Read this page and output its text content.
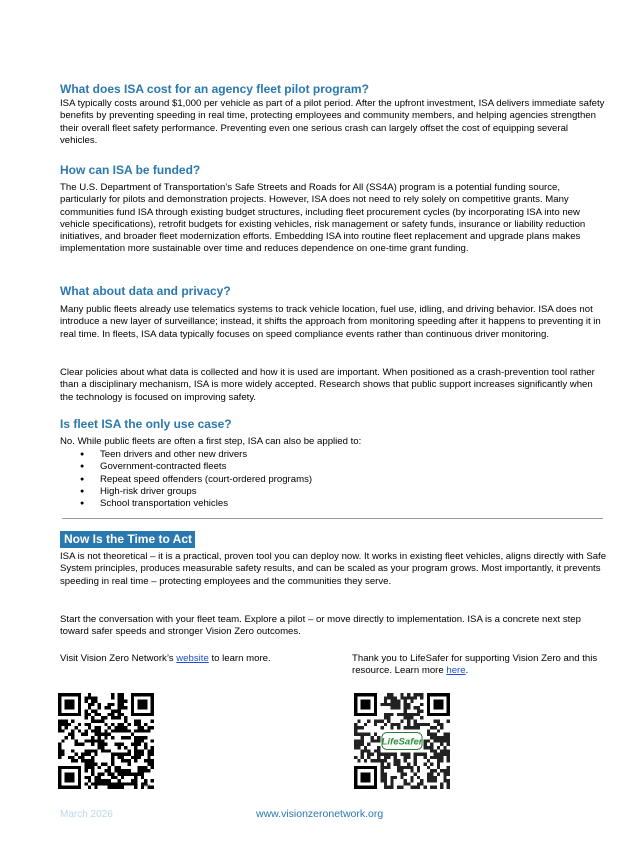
What does ISA cost for an agency fleet pilot program?

ISA typically costs around $1,000 per vehicle as part of a pilot period. After the upfront investment, ISA delivers immediate safety benefits by preventing speeding in real time, protecting employees and community members, and helping agencies strengthen their overall fleet safety performance. Preventing even one serious crash can largely offset the cost of equipping several vehicles.

How can ISA be funded?

The U.S. Department of Transportation’s Safe Streets and Roads for All (SS4A) program is a potential funding source, particularly for pilots and demonstration projects. However, ISA does not need to rely solely on competitive grants. Many communities fund ISA through existing budget structures, including fleet procurement cycles (by incorporating ISA into new vehicle specifications), retrofit budgets for existing vehicles, risk management or safety funds, insurance or liability reduction initiatives, and broader fleet modernization efforts. Embedding ISA into routine fleet replacement and upgrade plans makes implementation more sustainable over time and reduces dependence on one-time grant funding.

What about data and privacy?

Many public fleets already use telematics systems to track vehicle location, fuel use, idling, and driving behavior. ISA does not introduce a new layer of surveillance; instead, it shifts the approach from monitoring speeding after it happens to preventing it in real time. In fleets, ISA data typically focuses on speed compliance events rather than continuous driver monitoring.

Clear policies about what data is collected and how it is used are important. When positioned as a crash-prevention tool rather than a disciplinary mechanism, ISA is more widely accepted. Research shows that public support increases significantly when the technology is focused on improving safety.

Is fleet ISA the only use case?

No. While public fleets are often a first step, ISA can also be applied to:

● Teen drivers and other new drivers
● Government-contracted fleets
● Repeat speed offenders (court-ordered programs)
● High-risk driver groups
● School transportation vehicles
Now Is the Time to Act

ISA is not theoretical – it is a practical, proven tool you can deploy now. It works in existing fleet vehicles, aligns directly with Safe System principles, produces measurable safety results, and can be scaled as your program grows. Most importantly, it prevents speeding in real time – protecting employees and the communities they serve.

Start the conversation with your fleet team. Explore a pilot – or move directly to implementation. ISA is a concrete next step toward safer speeds and stronger Vision Zero outcomes.

Visit Vision Zero Network’s website to learn more.	Thank you to LifeSafer for supporting Vision Zero and this resource. Learn more here.

bitly
LifeSafer
March 2026	www.visionzeronetwork.org
